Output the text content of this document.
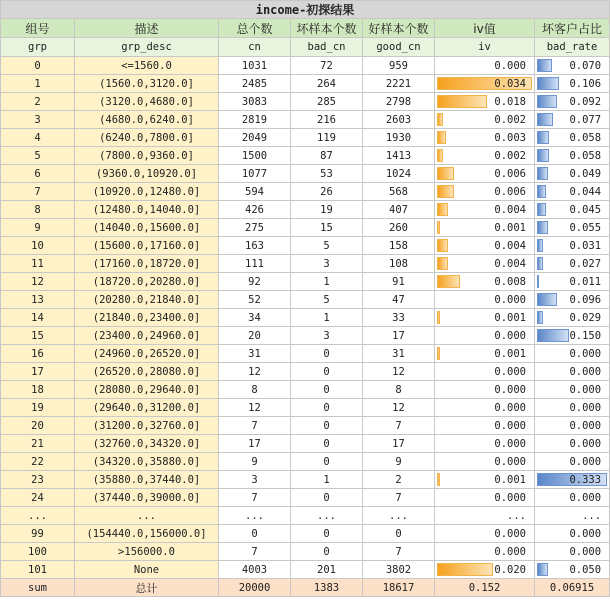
income-初探结果						
组号	描述	总个数	坏样本个数	好样本个数	iv值	坏客户占比
grp	grp_desc	cn	bad_cn	good_cn	iv	bad_rate
0	<=1560.0	1031	72	959	0.000	0.070
1	(1560.0,3120.0]	2485	264	2221	0.034	0.106
2	(3120.0,4680.0]	3083	285	2798	0.018	0.092
3	(4680.0,6240.0]	2819	216	2603	0.002	0.077
4	(6240.0,7800.0]	2049	119	1930	0.003	0.058
5	(7800.0,9360.0]	1500	87	1413	0.002	0.058
6	(9360.0,10920.0]	1077	53	1024	0.006	0.049
7	(10920.0,12480.0]	594	26	568	0.006	0.044
8	(12480.0,14040.0]	426	19	407	0.004	0.045
9	(14040.0,15600.0]	275	15	260	0.001	0.055
10	(15600.0,17160.0]	163	5	158	0.004	0.031
11	(17160.0,18720.0]	111	3	108	0.004	0.027
12	(18720.0,20280.0]	92	1	91	0.008	0.011
13	(20280.0,21840.0]	52	5	47	0.000	0.096
14	(21840.0,23400.0]	34	1	33	0.001	0.029
15	(23400.0,24960.0]	20	3	17	0.000	0.150
16	(24960.0,26520.0]	31	0	31	0.001	0.000
17	(26520.0,28080.0]	12	0	12	0.000	0.000
18	(28080.0,29640.0]	8	0	8	0.000	0.000
19	(29640.0,31200.0]	12	0	12	0.000	0.000
20	(31200.0,32760.0]	7	0	7	0.000	0.000
21	(32760.0,34320.0]	17	0	17	0.000	0.000
22	(34320.0,35880.0]	9	0	9	0.000	0.000
23	(35880.0,37440.0]	3	1	2	0.001	0.333
24	(37440.0,39000.0]	7	0	7	0.000	0.000
...	...	...	...	...	...	...
99	(154440.0,156000.0]	0	0	0	0.000	0.000
100	>156000.0	7	0	7	0.000	0.000
101	None	4003	201	3802	0.020	0.050
sum	总计	20000	1383	18617	0.152	0.06915
